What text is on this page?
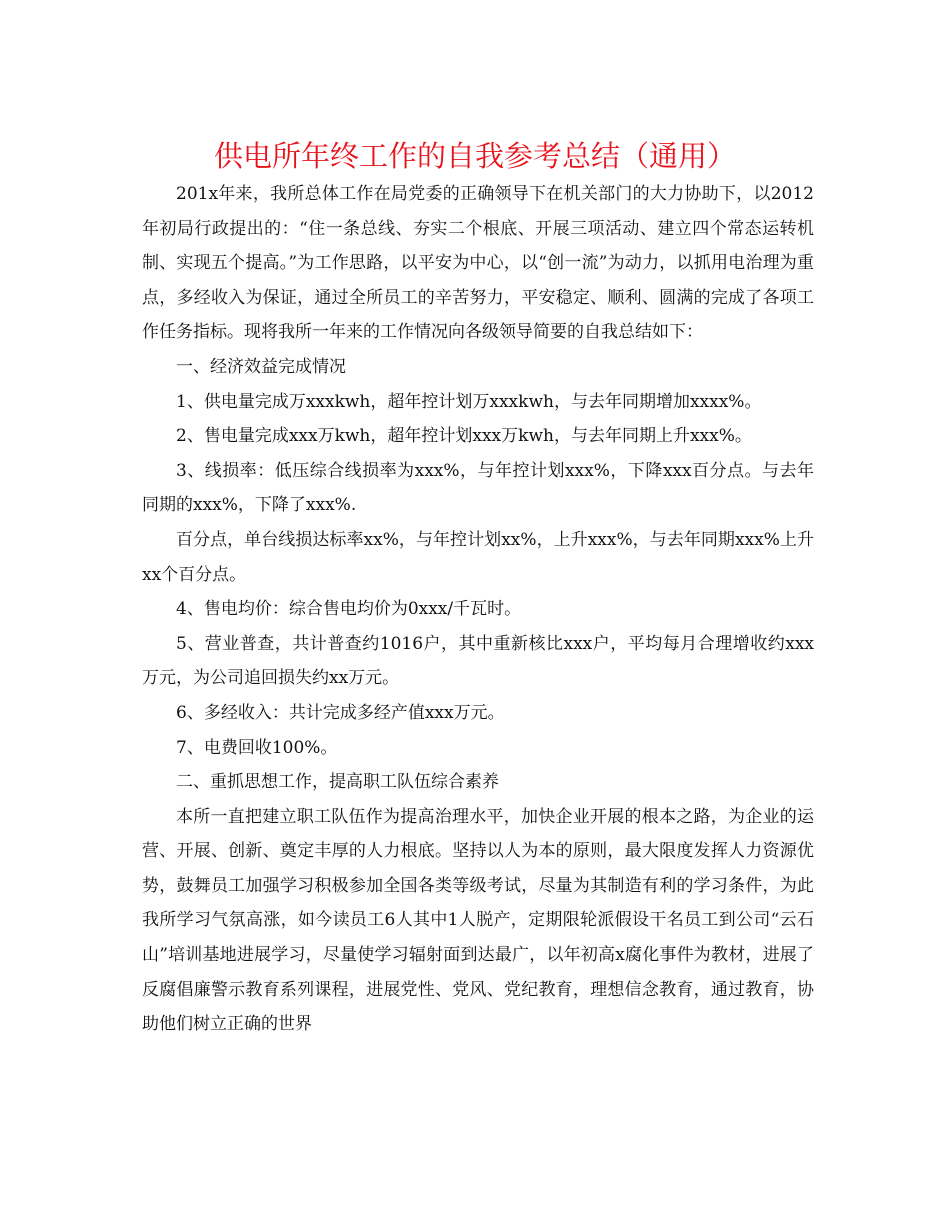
供电所年终工作的自我参考总结（通用）

201x年来，我所总体工作在局党委的正确领导下在机关部门的大力协助下，以2012年初局行政提出的：“住一条总线、夯实二个根底、开展三项活动、建立四个常态运转机制、实现五个提高。”为工作思路，以平安为中心，以“创一流”为动力，以抓用电治理为重点，多经收入为保证，通过全所员工的辛苦努力，平安稳定、顺利、圆满的完成了各项工作任务指标。现将我所一年来的工作情况向各级领导简要的自我总结如下：

一、经济效益完成情况

1、供电量完成万xxxkwh，超年控计划万xxxkwh，与去年同期增加xxxx%。

2、售电量完成xxx万kwh，超年控计划xxx万kwh，与去年同期上升xxx%。

3、线损率：低压综合线损率为xxx%，与年控计划xxx%，下降xxx百分点。与去年同期的xxx%，下降了xxx%.

百分点，单台线损达标率xx%，与年控计划xx%，上升xxx%，与去年同期xxx%上升xx个百分点。

4、售电均价：综合售电均价为0xxx/千瓦时。

5、营业普查，共计普查约1016户，其中重新核比xxx户，平均每月合理增收约xxx万元，为公司追回损失约xx万元。

6、多经收入：共计完成多经产值xxx万元。

7、电费回收100%。

二、重抓思想工作，提高职工队伍综合素养

本所一直把建立职工队伍作为提高治理水平，加快企业开展的根本之路，为企业的运营、开展、创新、奠定丰厚的人力根底。坚持以人为本的原则，最大限度发挥人力资源优势，鼓舞员工加强学习积极参加全国各类等级考试，尽量为其制造有利的学习条件，为此我所学习气氛高涨，如今读员工6人其中1人脱产，定期限轮派假设干名员工到公司“云石山”培训基地进展学习，尽量使学习辐射面到达最广，以年初高x腐化事件为教材，进展了反腐倡廉警示教育系列课程，进展党性、党风、党纪教育，理想信念教育，通过教育，协助他们树立正确的世界
